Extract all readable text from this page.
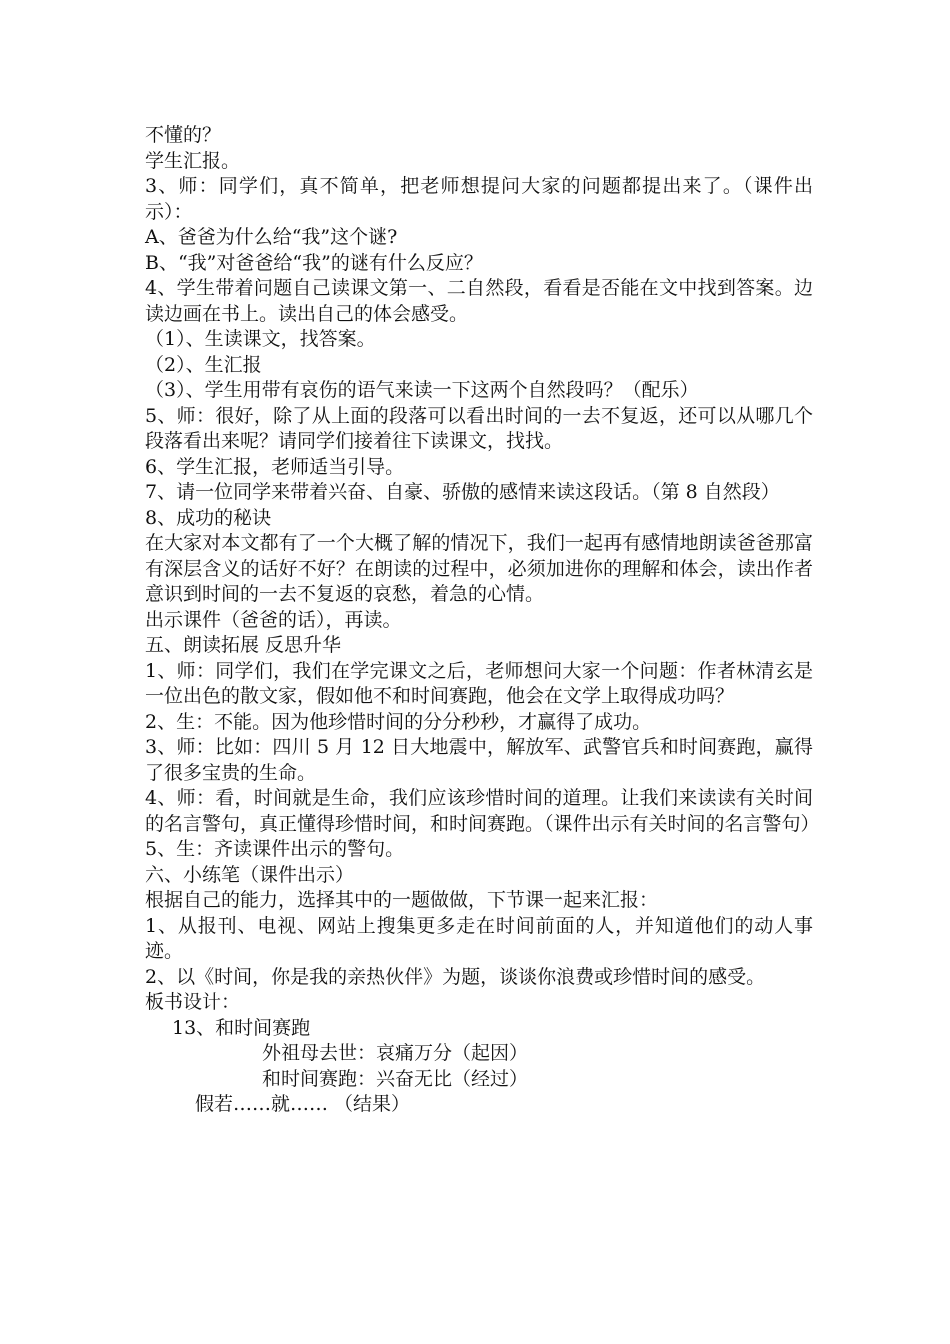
不懂的？

学生汇报。

3、师：同学们，真不简单，把老师想提问大家的问题都提出来了。（课件出示）：

A、爸爸为什么给“我”这个谜?

B、“我”对爸爸给“我”的谜有什么反应？

4、学生带着问题自己读课文第一、二自然段，看看是否能在文中找到答案。边读边画在书上。读出自己的体会感受。

（1）、生读课文，找答案。

（2）、生汇报

（3）、学生用带有哀伤的语气来读一下这两个自然段吗？（配乐）

5、师：很好，除了从上面的段落可以看出时间的一去不复返，还可以从哪几个段落看出来呢？请同学们接着往下读课文，找找。

6、学生汇报，老师适当引导。

7、请一位同学来带着兴奋、自豪、骄傲的感情来读这段话。（第 8 自然段）

8、成功的秘诀

在大家对本文都有了一个大概了解的情况下，我们一起再有感情地朗读爸爸那富有深层含义的话好不好？在朗读的过程中，必须加进你的理解和体会，读出作者意识到时间的一去不复返的哀愁，着急的心情。

出示课件（爸爸的话），再读。

五、朗读拓展 反思升华

1、师：同学们，我们在学完课文之后，老师想问大家一个问题：作者林清玄是一位出色的散文家，假如他不和时间赛跑，他会在文学上取得成功吗？

2、生：不能。因为他珍惜时间的分分秒秒，才赢得了成功。

3、师：比如：四川 5 月 12 日大地震中，解放军、武警官兵和时间赛跑，赢得了很多宝贵的生命。

4、师：看，时间就是生命，我们应该珍惜时间的道理。让我们来读读有关时间的名言警句，真正懂得珍惜时间，和时间赛跑。（课件出示有关时间的名言警句）

5、生：齐读课件出示的警句。

六、小练笔（课件出示）

根据自己的能力，选择其中的一题做做，下节课一起来汇报：

1、从报刊、电视、网站上搜集更多走在时间前面的人，并知道他们的动人事迹。

2、以《时间，你是我的亲热伙伴》为题，谈谈你浪费或珍惜时间的感受。

板书设计：

13、和时间赛跑

外祖母去世：哀痛万分（起因）

和时间赛跑：兴奋无比（经过）

假若……就…… （结果）
